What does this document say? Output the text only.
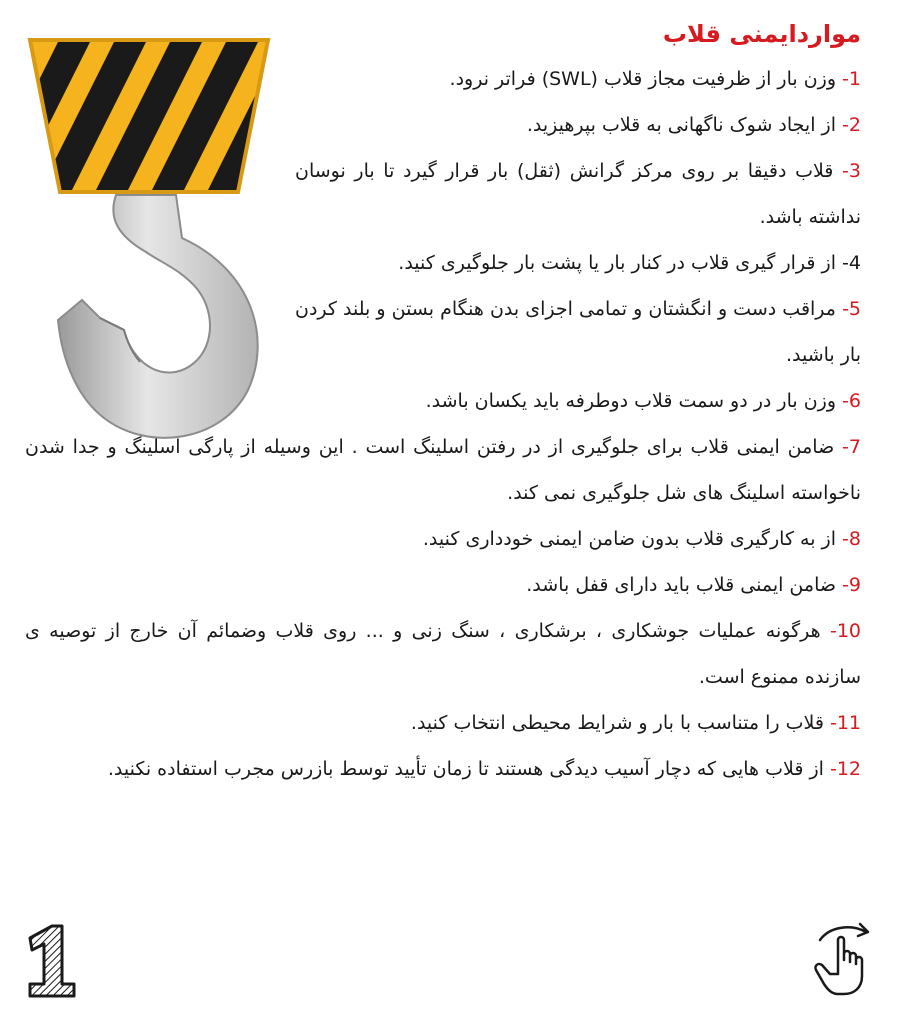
مواردایمنی قلاب

1- وزن بار از ظرفیت مجاز قلاب (SWL) فراتر نرود.

2- از ایجاد شوک ناگهانی به قلاب بپرهیزید.

3- قلاب دقیقا بر روی مرکز گرانش (ثقل) بار قرار گیرد تا بار نوسان نداشته باشد.

4- از قرار گیری قلاب در کنار بار یا پشت بار جلوگیری کنید.

5- مراقب دست و انگشتان و تمامی اجزای بدن هنگام بستن و بلند کردن بار باشید.

6- وزن بار در دو سمت قلاب دوطرفه باید یکسان باشد.

7- ضامن ایمنی قلاب برای جلوگیری از در رفتن اسلینگ است . این وسیله از پارگی اسلینگ و جدا شدن ناخواسته اسلینگ های شل جلوگیری نمی کند.

8- از به کارگیری قلاب بدون ضامن ایمنی خودداری کنید.

9- ضامن ایمنی قلاب باید دارای قفل باشد.

10- هرگونه عملیات جوشکاری ، برشکاری ، سنگ زنی و ... روی قلاب وضمائم آن خارج از توصیه ی سازنده ممنوع است.

11- قلاب را متناسب با بار و شرایط محیطی انتخاب کنید.

12- از قلاب هایی که دچار آسیب دیدگی هستند تا زمان تأیید توسط بازرس مجرب استفاده نکنید.
